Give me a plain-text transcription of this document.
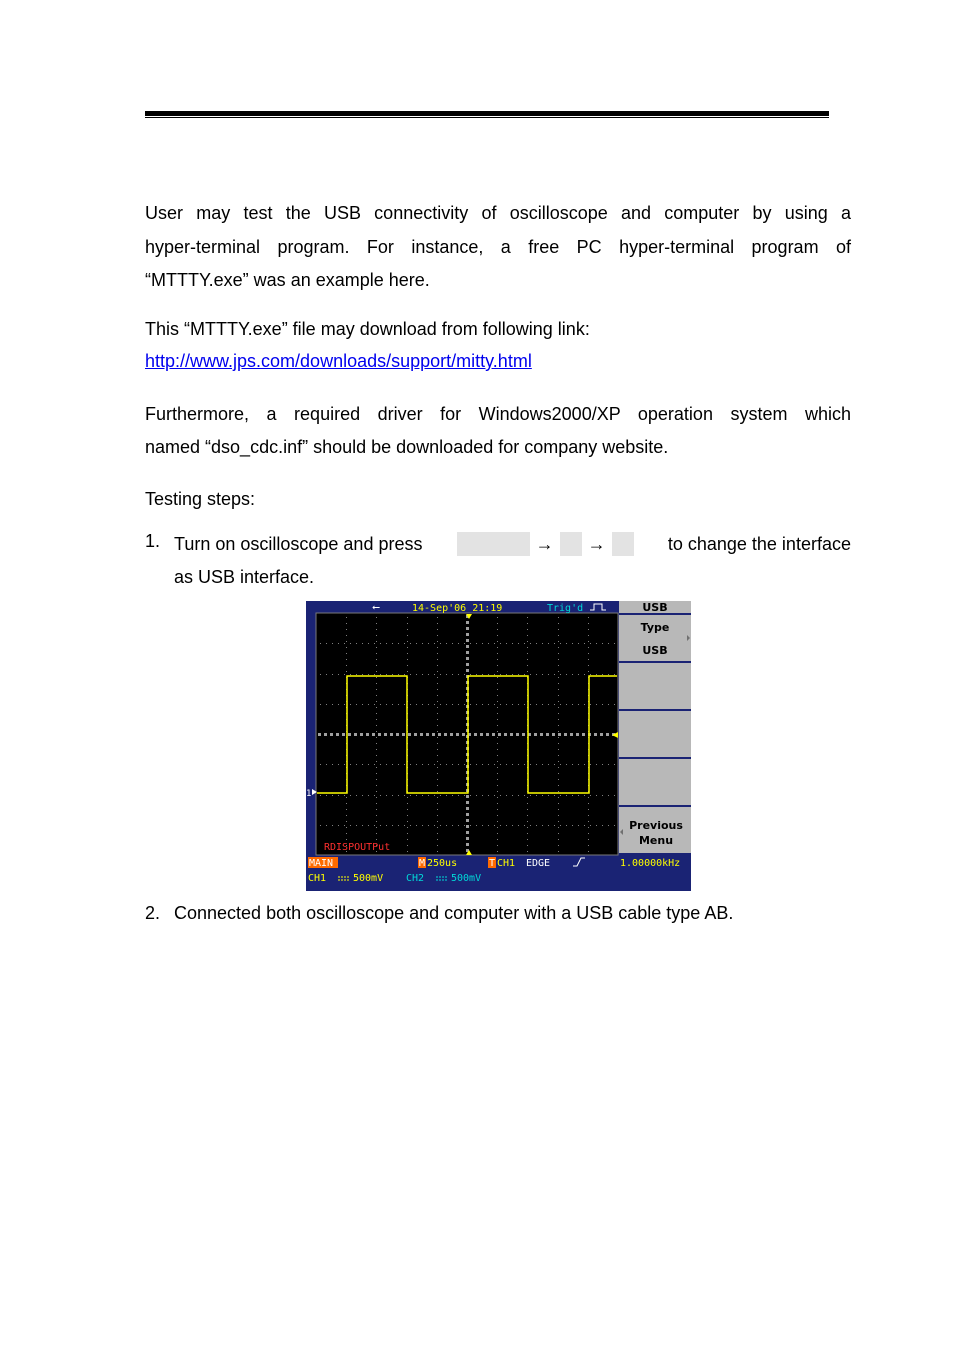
User may test the USB connectivity of oscilloscope and computer by using a

hyper-terminal program. For instance, a free PC hyper-terminal program of

“MTTTY.exe” was an example here.

This “MTTTY.exe” file may download from following link:

http://www.jps.com/downloads/support/mitty.html

Furthermore, a required driver for Windows2000/XP operation system which

named “dso_cdc.inf” should be downloaded for company website.

Testing steps:

1. Turn on oscilloscope and press	→ →	to change the interface
as USB interface.
⭠	14-Sep'06 21:19	Trig'd
1
RDISPOUTPut
USB
Type
USB
Previous
Menu
MAIN	M 250us	T CH1 EDGE	1.00000kHz
CH1	500mV CH2	500mV
2. Connected both oscilloscope and computer with a USB cable type AB.
